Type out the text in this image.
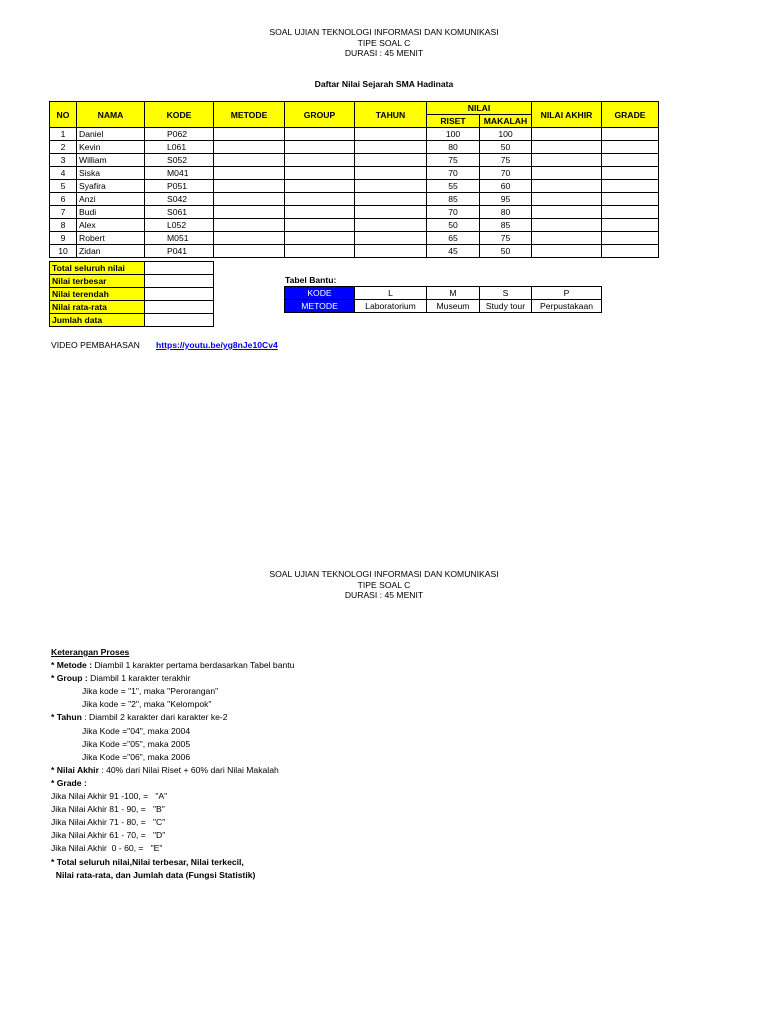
SOAL UJIAN TEKNOLOGI INFORMASI DAN KOMUNIKASI
TIPE SOAL C
DURASI : 45 MENIT
Daftar Nilai Sejarah SMA Hadinata
NO	NAMA	KODE	METODE	GROUP	TAHUN	NILAI		NILAI AKHIR	GRADE
						RISET	MAKALAH		
1	Daniel	P062				100	100		
2	Kevin	L061				80	50		
3	William	S052				75	75		
4	Siska	M041				70	70		
5	Syafira	P051				55	60		
6	Anzi	S042				85	95		
7	Budi	S061				70	80		
8	Alex	L052				50	85		
9	Robert	M051				65	75		
10	Zidan	P041				45	50		
Total seluruh nilai	
Nilai terbesar	
Nilai terendah	
Nilai rata-rata	
Jumlah data	
Tabel Bantu:
KODE	L	M	S	P
METODE	Laboratorium	Museum	Study tour	Perpustakaan
VIDEO PEMBAHASAN https://youtu.be/yg8nJe10Cv4
SOAL UJIAN TEKNOLOGI INFORMASI DAN KOMUNIKASI
TIPE SOAL C
DURASI : 45 MENIT
Keterangan Proses
* Metode : Diambil 1 karakter pertama berdasarkan Tabel bantu
* Group : Diambil 1 karakter terakhir
Jika kode = "1", maka "Perorangan"
Jika kode = "2", maka "Kelompok"
* Tahun : Diambil 2 karakter dari karakter ke-2
Jika Kode ="04", maka 2004
Jika Kode ="05", maka 2005
Jika Kode ="06", maka 2006
* Nilai Akhir : 40% dari Nilai Riset + 60% dari Nilai Makalah
* Grade :
Jika Nilai Akhir 91 -100, =   "A"
Jika Nilai Akhir 81 - 90, =   "B"
Jika Nilai Akhir 71 - 80, =   "C"
Jika Nilai Akhir 61 - 70, =   "D"
Jika Nilai Akhir  0 - 60, =   "E"
* Total seluruh nilai,Nilai terbesar, Nilai terkecil,
Nilai rata-rata, dan Jumlah data (Fungsi Statistik)
